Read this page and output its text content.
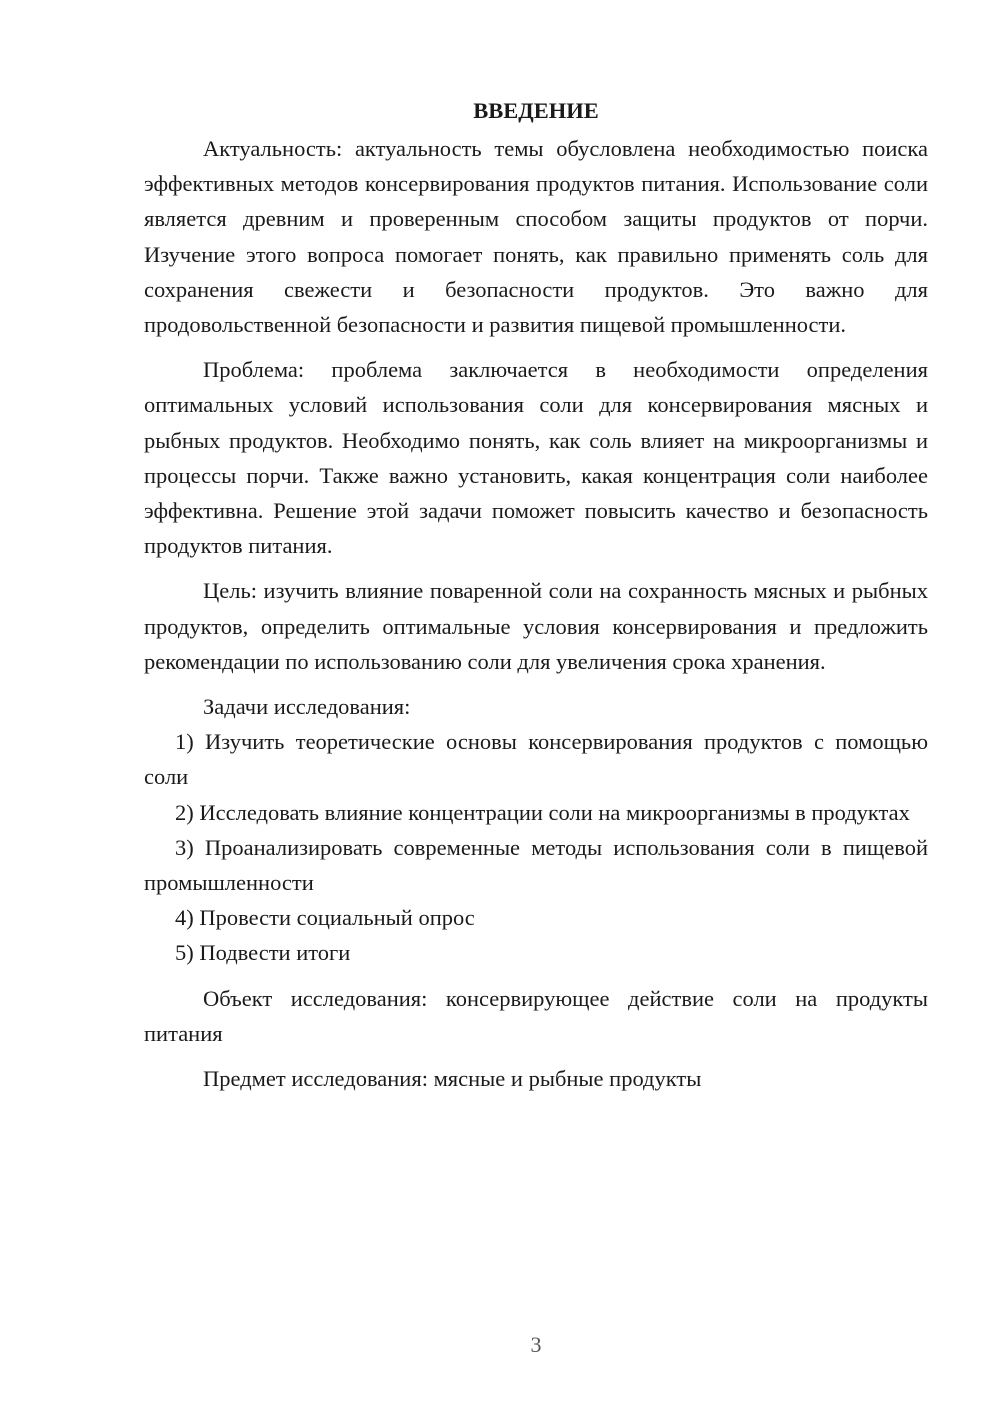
ВВЕДЕНИЕ

Актуальность: актуальность темы обусловлена необходимостью поиска эффективных методов консервирования продуктов питания. Использование соли является древним и проверенным способом защиты продуктов от порчи. Изучение этого вопроса помогает понять, как правильно применять соль для сохранения свежести и безопасности продуктов. Это важно для продовольственной безопасности и развития пищевой промышленности.

Проблема: проблема заключается в необходимости определения оптимальных условий использования соли для консервирования мясных и рыбных продуктов. Необходимо понять, как соль влияет на микроорганизмы и процессы порчи. Также важно установить, какая концентрация соли наиболее эффективна. Решение этой задачи поможет повысить качество и безопасность продуктов питания.

Цель: изучить влияние поваренной соли на сохранность мясных и рыбных продуктов, определить оптимальные условия консервирования и предложить рекомендации по использованию соли для увеличения срока хранения.

Задачи исследования:

1) Изучить теоретические основы консервирования продуктов с помощью соли

2) Исследовать влияние концентрации соли на микроорганизмы в продуктах

3) Проанализировать современные методы использования соли в пищевой промышленности

4) Провести социальный опрос

5) Подвести итоги

Объект исследования: консервирующее действие соли на продукты питания

Предмет исследования: мясные и рыбные продукты

3
